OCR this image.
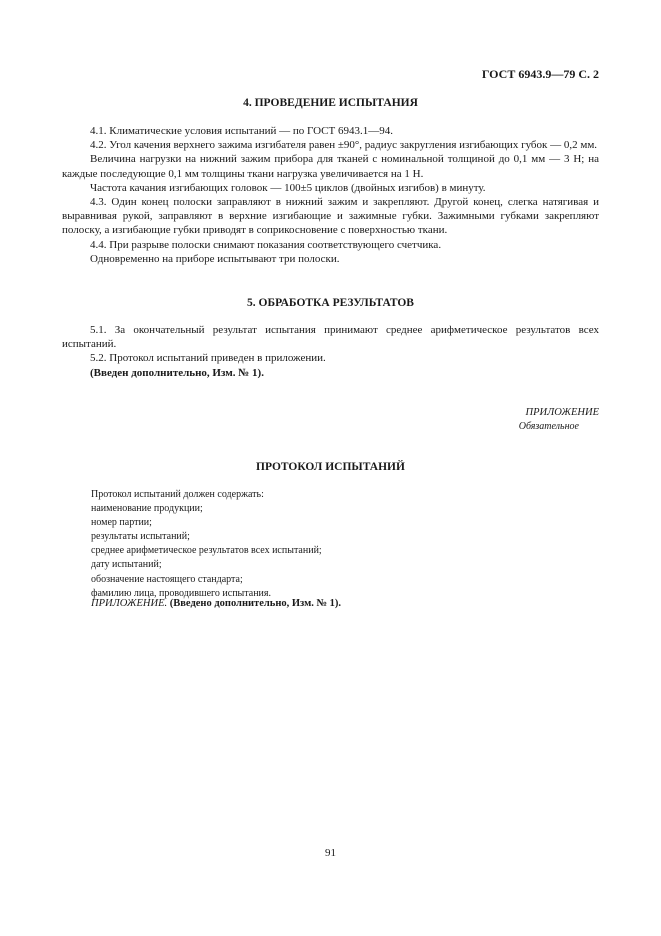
ГОСТ 6943.9—79 С. 2
4. ПРОВЕДЕНИЕ ИСПЫТАНИЯ

4.1. Климатические условия испытаний — по ГОСТ 6943.1—94.

4.2. Угол качения верхнего зажима изгибателя равен ±90°, радиус закругления изгибающих губок — 0,2 мм.

Величина нагрузки на нижний зажим прибора для тканей с номинальной толщиной до 0,1 мм — 3 Н; на каждые последующие 0,1 мм толщины ткани нагрузка увеличивается на 1 Н.

Частота качания изгибающих головок — 100±5 циклов (двойных изгибов) в минуту.

4.3. Один конец полоски заправляют в нижний зажим и закрепляют. Другой конец, слегка натягивая и выравнивая рукой, заправляют в верхние изгибающие и зажимные губки. Зажимными губками закрепляют полоску, а изгибающие губки приводят в соприкосновение с поверхностью ткани.

4.4. При разрыве полоски снимают показания соответствующего счетчика.

Одновременно на приборе испытывают три полоски.

5. ОБРАБОТКА РЕЗУЛЬТАТОВ

5.1. За окончательный результат испытания принимают среднее арифметическое результатов всех испытаний.

5.2. Протокол испытаний приведен в приложении.

(Введен дополнительно, Изм. № 1).

ПРИЛОЖЕНИЕ
Обязательное
ПРОТОКОЛ ИСПЫТАНИЙ
Протокол испытаний должен содержать:
наименование продукции;
номер партии;
результаты испытаний;
среднее арифметическое результатов всех испытаний;
дату испытаний;
обозначение настоящего стандарта;
фамилию лица, проводившего испытания.
ПРИЛОЖЕНИЕ. (Введено дополнительно, Изм. № 1).
91
